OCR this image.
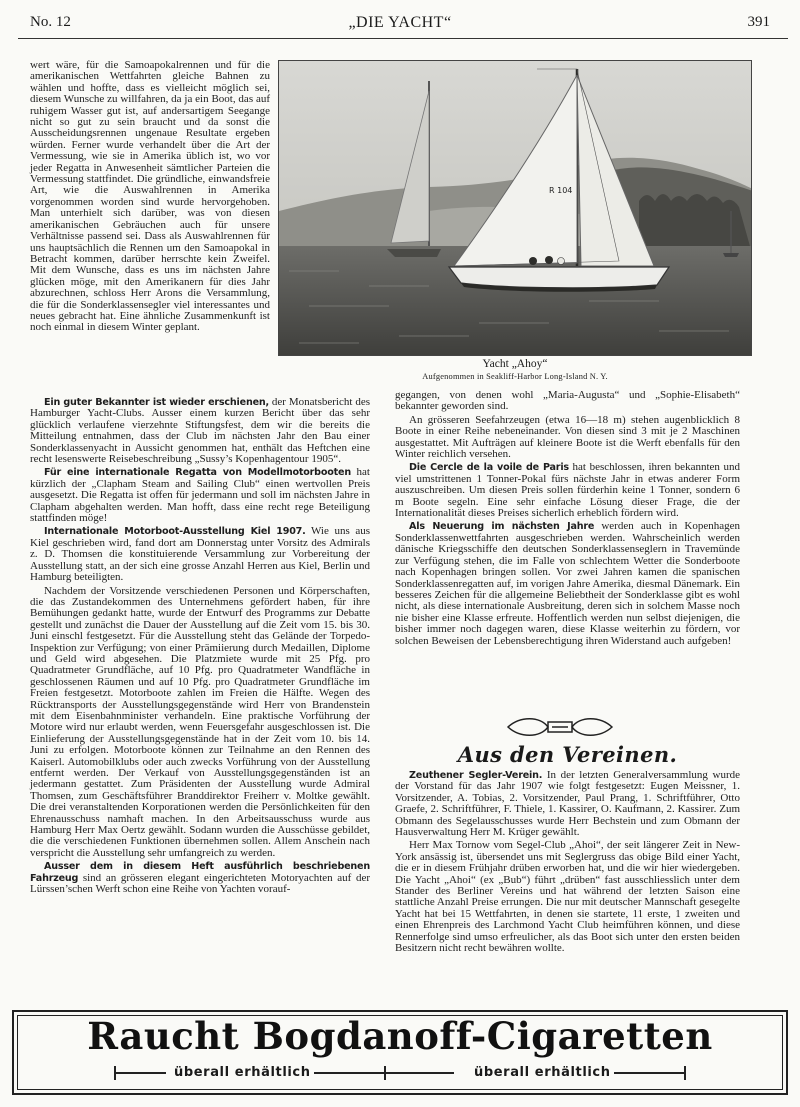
No. 12	„DIE YACHT“	391

wert wäre, für die Samoapokalrennen und für die amerikanischen Wettfahrten gleiche Bahnen zu wählen und hoffte, dass es vielleicht möglich sei, diesem Wunsche zu willfahren, da ja ein Boot, das auf ruhigem Wasser gut ist, auf andersartigem Seegange nicht so gut zu sein braucht und da sonst die Ausscheidungsrennen ungenaue Resultate ergeben würden. Ferner wurde verhandelt über die Art der Vermessung, wie sie in Amerika üblich ist, wo vor jeder Regatta in Anwesenheit sämtlicher Parteien die Vermessung stattfindet. Die gründliche, einwandsfreie Art, wie die Auswahlrennen in Amerika vorgenommen worden sind wurde hervorgehoben. Man unterhielt sich darüber, was von diesen amerikanischen Gebräuchen auch für unsere Verhältnisse passend sei. Dass als Auswahlrennen für uns hauptsächlich die Rennen um den Samoapokal in Betracht kommen, darüber herrschte kein Zweifel. Mit dem Wunsche, dass es uns im nächsten Jahre glücken möge, mit den Amerikanern für dies Jahr abzurechnen, schloss Herr Arons die Versammlung, die für die Sonderklassensegler viel interessantes und neues gebracht hat. Eine ähnliche Zusammenkunft ist noch einmal in diesem Winter geplant.

R 104
Yacht „Ahoy“
Aufgenommen in Seakliff-Harbor Long-Island N. Y.

Ein guter Bekannter ist wieder erschienen, der Monatsbericht des Hamburger Yacht-Clubs. Ausser einem kurzen Bericht über das sehr glücklich verlaufene vierzehnte Stiftungsfest, dem wir die bereits die Mitteilung entnahmen, dass der Club im nächsten Jahr den Bau einer Sonderklassenyacht in Aussicht genommen hat, enthält das Heftchen eine recht lesenswerte Reisebeschreibung „Sussy’s Kopenhagentour 1905“.

Für eine internationale Regatta von Modellmotorbooten hat kürzlich der „Clapham Steam and Sailing Club“ einen wertvollen Preis ausgesetzt. Die Regatta ist offen für jedermann und soll im nächsten Jahre in Clapham abgehalten werden. Man hofft, dass eine recht rege Beteiligung stattfinden möge!

Internationale Motorboot-Ausstellung Kiel 1907. Wie uns aus Kiel geschrieben wird, fand dort am Donnerstag unter Vorsitz des Admirals z. D. Thomsen die konstituierende Versammlung zur Vorbereitung der Ausstellung statt, an der sich eine grosse Anzahl Herren aus Kiel, Berlin und Hamburg beteiligten.

Nachdem der Vorsitzende verschiedenen Personen und Körperschaften, die das Zustandekommen des Unternehmens gefördert haben, für ihre Bemühungen gedankt hatte, wurde der Entwurf des Programms zur Debatte gestellt und zunächst die Dauer der Ausstellung auf die Zeit vom 15. bis 30. Juni einschl festgesetzt. Für die Ausstellung steht das Gelände der Torpedo-Inspektion zur Verfügung; von einer Prämiierung durch Medaillen, Diplome und Geld wird abgesehen. Die Platzmiete wurde mit 25 Pfg. pro Quadratmeter Grundfläche, auf 10 Pfg. pro Quadratmeter Wandfläche in geschlossenen Räumen und auf 10 Pfg. pro Quadratmeter Grundfläche im Freien festgesetzt. Motorboote zahlen im Freien die Hälfte. Wegen des Rücktransports der Ausstellungsgegenstände wird Herr von Brandenstein mit dem Eisenbahnminister verhandeln. Eine praktische Vorführung der Motore wird nur erlaubt werden, wenn Feuersgefahr ausgeschlossen ist. Die Einlieferung der Ausstellungsgegenstände hat in der Zeit vom 10. bis 14. Juni zu erfolgen. Motorboote können zur Teilnahme an den Rennen des Kaiserl. Automobilklubs oder auch zwecks Vorführung von der Ausstellung entfernt werden. Der Verkauf von Ausstellungsgegenständen ist an jedermann gestattet. Zum Präsidenten der Ausstellung wurde Admiral Thomsen, zum Geschäftsführer Branddirektor Freiherr v. Moltke gewählt. Die drei veranstaltenden Korporationen werden die Persönlichkeiten für den Ehrenausschuss namhaft machen. In den Arbeitsausschuss wurde aus Hamburg Herr Max Oertz gewählt. Sodann wurden die Ausschüsse gebildet, die die verschiedenen Funktionen übernehmen sollen. Allem Anschein nach verspricht die Ausstellung sehr umfangreich zu werden.

Ausser dem in diesem Heft ausführlich beschriebenen Fahrzeug sind an grösseren elegant eingerichteten Motoryachten auf der Lürssen’schen Werft schon eine Reihe von Yachten vorauf-

gegangen, von denen wohl „Maria-Augusta“ und „Sophie-Elisabeth“ bekannter geworden sind.

An grösseren Seefahrzeugen (etwa 16—18 m) stehen augenblicklich 8 Boote in einer Reihe nebeneinander. Von diesen sind 3 mit je 2 Maschinen ausgestattet. Mit Aufträgen auf kleinere Boote ist die Werft ebenfalls für den Winter reichlich versehen.

Die Cercle de la voile de Paris hat beschlossen, ihren bekannten und viel umstrittenen 1 Tonner-Pokal fürs nächste Jahr in etwas anderer Form auszuschreiben. Um diesen Preis sollen fürderhin keine 1 Tonner, sondern 6 m Boote segeln. Eine sehr einfache Lösung dieser Frage, die der Internationalität dieses Preises sicherlich erheblich fördern wird.

Als Neuerung im nächsten Jahre werden auch in Kopenhagen Sonderklassenwettfahrten ausgeschrieben werden. Wahrscheinlich werden dänische Kriegsschiffe den deutschen Sonderklassenseglern in Travemünde zur Verfügung stehen, die im Falle von schlechtem Wetter die Sonderboote nach Kopenhagen bringen sollen. Vor zwei Jahren kamen die spanischen Sonderklassenregatten auf, im vorigen Jahre Amerika, diesmal Dänemark. Ein besseres Zeichen für die allgemeine Beliebtheit der Sonderklasse gibt es wohl nicht, als diese internationale Ausbreitung, deren sich in solchem Masse noch nie bisher eine Klasse erfreute. Hoffentlich werden nun selbst diejenigen, die bisher immer noch dagegen waren, diese Klasse weiterhin zu fördern, vor solchen Beweisen der Lebensberechtigung ihren Widerstand auch aufgeben!

Aus den Vereinen.

Zeuthener Segler-Verein. In der letzten Generalversammlung wurde der Vorstand für das Jahr 1907 wie folgt festgesetzt: Eugen Meissner, 1. Vorsitzender, A. Tobias, 2. Vorsitzender, Paul Prang, 1. Schriftführer, Otto Graefe, 2. Schriftführer, F. Thiele, 1. Kassirer, O. Kaufmann, 2. Kassirer. Zum Obmann des Segelausschusses wurde Herr Bechstein und zum Obmann der Hausverwaltung Herr M. Krüger gewählt.

Herr Max Tornow vom Segel-Club „Ahoi“, der seit längerer Zeit in New-York ansässig ist, übersendet uns mit Seglergruss das obige Bild einer Yacht, die er in diesem Frühjahr drüben erworben hat, und die wir hier wiedergeben. Die Yacht „Ahoi“ (ex „Bub“) führt „drüben“ fast ausschliesslich unter dem Stander des Berliner Vereins und hat während der letzten Saison eine stattliche Anzahl Preise errungen. Die nur mit deutscher Mannschaft gesegelte Yacht hat bei 15 Wettfahrten, in denen sie startete, 11 erste, 1 zweiten und einen Ehrenpreis des Larchmond Yacht Club heimführen können, und diese Rennerfolge sind umso erfreulicher, als das Boot sich unter den ersten beiden Besitzern nicht recht bewähren wollte.

Raucht Bogdanoff-Cigaretten
überall erhältlich	überall erhältlich
